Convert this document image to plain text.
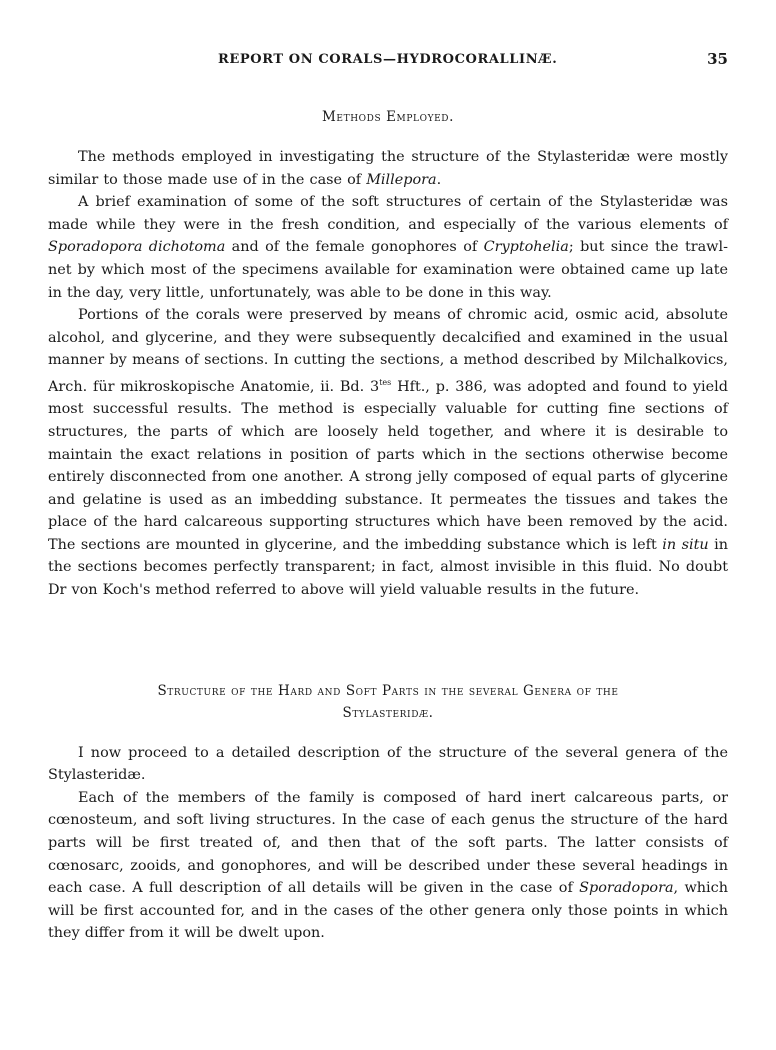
REPORT ON CORALS—HYDROCORALLINÆ.	35
Methods Employed.

The methods employed in investigating the structure of the Stylasteridæ were mostly similar to those made use of in the case of Millepora.

A brief examination of some of the soft structures of certain of the Stylasteridæ was made while they were in the fresh condition, and especially of the various elements of Sporadopora dichotoma and of the female gonophores of Cryptohelia; but since the trawl-net by which most of the specimens available for examination were obtained came up late in the day, very little, unfortunately, was able to be done in this way.

Portions of the corals were preserved by means of chromic acid, osmic acid, absolute alcohol, and glycerine, and they were subsequently decalcified and examined in the usual manner by means of sections. In cutting the sections, a method described by Milchalkovics, Arch. für mikroskopische Anatomie, ii. Bd. $3^{tes}$ Hft., p. 386, was adopted and found to yield most successful results. The method is especially valuable for cutting fine sections of structures, the parts of which are loosely held together, and where it is desirable to maintain the exact relations in position of parts which in the sections otherwise become entirely disconnected from one another. A strong jelly composed of equal parts of glycerine and gelatine is used as an imbedding substance. It permeates the tissues and takes the place of the hard calcareous supporting structures which have been removed by the acid. The sections are mounted in glycerine, and the imbedding substance which is left in situ in the sections becomes perfectly transparent; in fact, almost invisible in this fluid. No doubt Dr von Koch's method referred to above will yield valuable results in the future.

Structure of the Hard and Soft Parts in the several Genera of the
Stylasteridæ.

I now proceed to a detailed description of the structure of the several genera of the Stylasteridæ.

Each of the members of the family is composed of hard inert calcareous parts, or cœnosteum, and soft living structures. In the case of each genus the structure of the hard parts will be first treated of, and then that of the soft parts. The latter consists of cœnosarc, zooids, and gonophores, and will be described under these several headings in each case. A full description of all details will be given in the case of Sporadopora, which will be first accounted for, and in the cases of the other genera only those points in which they differ from it will be dwelt upon.
